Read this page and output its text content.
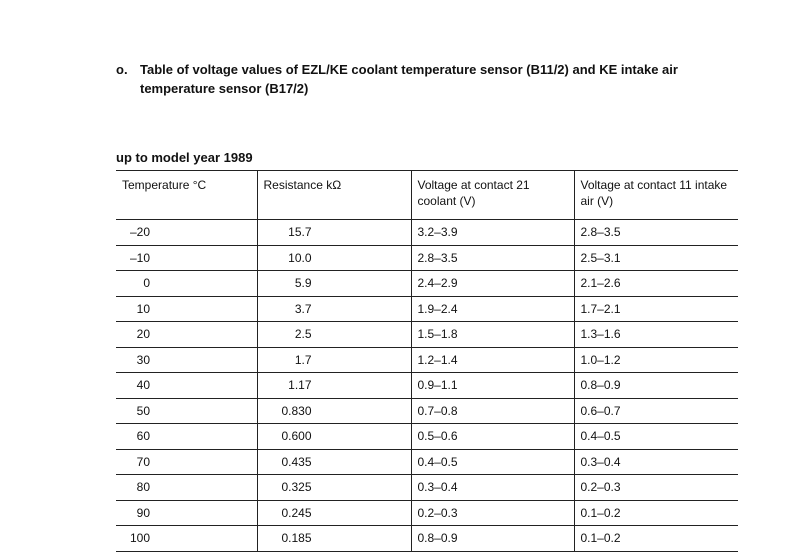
o. Table of voltage values of EZL/KE coolant temperature sensor (B11/2) and KE intake air temperature sensor (B17/2)
up to model year 1989
Temperature °C	Resistance kΩ	Voltage at contact 21 coolant (V)	Voltage at contact 11 intake air (V)
–20	15.7	3.2–3.9	2.8–3.5
–10	10.0	2.8–3.5	2.5–3.1
0	5.9	2.4–2.9	2.1–2.6
10	3.7	1.9–2.4	1.7–2.1
20	2.5	1.5–1.8	1.3–1.6
30	1.7	1.2–1.4	1.0–1.2
40	1.17	0.9–1.1	0.8–0.9
50	0.830	0.7–0.8	0.6–0.7
60	0.600	0.5–0.6	0.4–0.5
70	0.435	0.4–0.5	0.3–0.4
80	0.325	0.3–0.4	0.2–0.3
90	0.245	0.2–0.3	0.1–0.2
100	0.185	0.8–0.9	0.1–0.2
